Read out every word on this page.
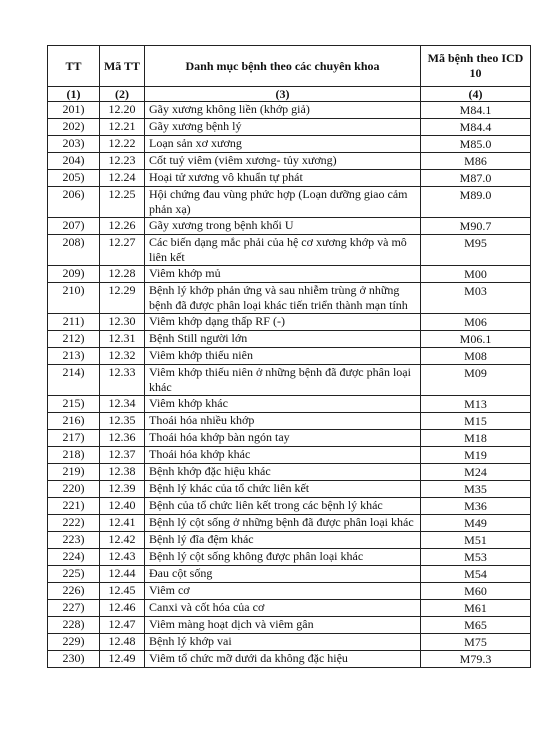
TT	Mã TT	Danh mục bệnh theo các chuyên khoa	Mã bệnh theo ICD 10
(1)	(2)	(3)	(4)
201)	12.20	Gãy xương không liền (khớp giả)	M84.1
202)	12.21	Gãy xương bệnh lý	M84.4
203)	12.22	Loạn sản xơ xương	M85.0
204)	12.23	Cốt tuỷ viêm (viêm xương- tủy xương)	M86
205)	12.24	Hoại tử xương vô khuẩn tự phát	M87.0
206)	12.25	Hội chứng đau vùng phức hợp (Loạn dưỡng giao cảm phản xạ)	M89.0
207)	12.26	Gãy xương trong bệnh khối U	M90.7
208)	12.27	Các biến dạng mắc phải của hệ cơ xương khớp và mô liên kết	M95
209)	12.28	Viêm khớp mủ	M00
210)	12.29	Bệnh lý khớp phản ứng và sau nhiễm trùng ở những bệnh đã được phân loại khác tiến triển thành mạn tính	M03
211)	12.30	Viêm khớp dạng thấp RF (-)	M06
212)	12.31	Bệnh Still người lớn	M06.1
213)	12.32	Viêm khớp thiếu niên	M08
214)	12.33	Viêm khớp thiếu niên ở những bệnh đã được phân loại khác	M09
215)	12.34	Viêm khớp khác	M13
216)	12.35	Thoái hóa nhiều khớp	M15
217)	12.36	Thoái hóa khớp bàn ngón tay	M18
218)	12.37	Thoái hóa khớp khác	M19
219)	12.38	Bệnh khớp đặc hiệu khác	M24
220)	12.39	Bệnh lý khác của tổ chức liên kết	M35
221)	12.40	Bệnh của tổ chức liên kết trong các bệnh lý khác	M36
222)	12.41	Bệnh lý cột sống ở những bệnh đã được phân loại khác	M49
223)	12.42	Bệnh lý đĩa đệm khác	M51
224)	12.43	Bệnh lý cột sống không được phân loại khác	M53
225)	12.44	Đau cột sống	M54
226)	12.45	Viêm cơ	M60
227)	12.46	Canxi và cốt hóa của cơ	M61
228)	12.47	Viêm màng hoạt dịch và viêm gân	M65
229)	12.48	Bệnh lý khớp vai	M75
230)	12.49	Viêm tổ chức mỡ dưới da không đặc hiệu	M79.3
